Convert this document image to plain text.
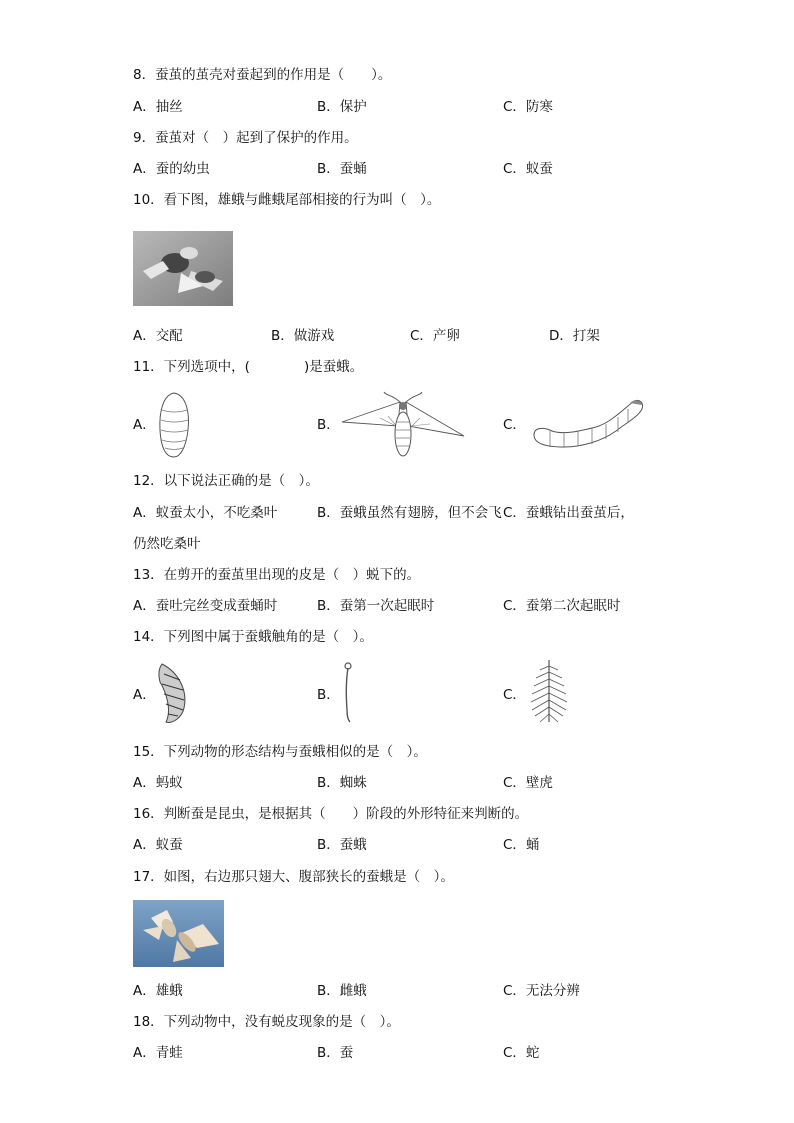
8．蚕茧的茧壳对蚕起到的作用是（　　）。
A．抽丝	B．保护	C．防寒
9．蚕茧对（　）起到了保护的作用。
A．蚕的幼虫	B．蚕蛹	C．蚁蚕
10．看下图，雄蛾与雌蛾尾部相接的行为叫（　）。
A．交配	B．做游戏	C．产卵	D．打架
11．下列选项中，(　　　　)是蚕蛾。
A．	B．	C．
12．以下说法正确的是（　）。
A．蚁蚕太小，不吃桑叶	B．蚕蛾虽然有翅膀，但不会飞 C．蚕蛾钻出蚕茧后，
仍然吃桑叶
13．在剪开的蚕茧里出现的皮是（　）蜕下的。
A．蚕吐完丝变成蚕蛹时	B．蚕第一次起眠时	C．蚕第二次起眠时
14．下列图中属于蚕蛾触角的是（　）。
A．	B．	C．
15．下列动物的形态结构与蚕蛾相似的是（　）。
A．蚂蚁	B．蜘蛛	C．壁虎
16．判断蚕是昆虫，是根据其（　　）阶段的外形特征来判断的。
A．蚁蚕	B．蚕蛾	C．蛹
17．如图，右边那只翅大、腹部狭长的蚕蛾是（　）。
A．雄蛾	B．雌蛾	C．无法分辨
18．下列动物中，没有蜕皮现象的是（　）。
A．青蛙	B．蚕	C．蛇
